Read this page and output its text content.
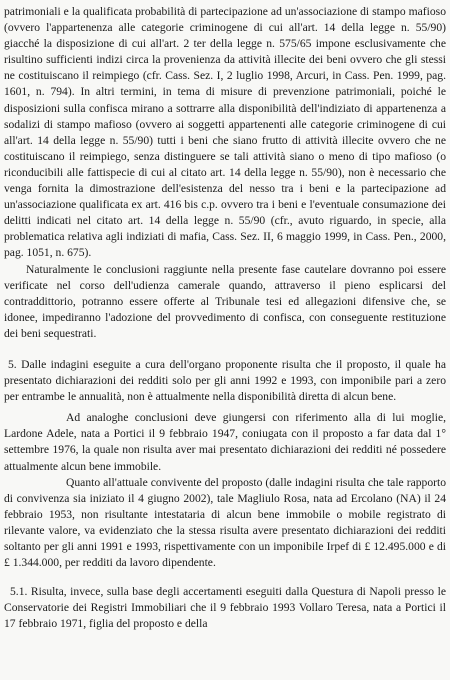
patrimoniali e la qualificata probabilità di partecipazione ad un'associazione di stampo mafioso (ovvero l'appartenenza alle categorie criminogene di cui all'art. 14 della legge n. 55/90) giacché la disposizione di cui all'art. 2 ter della legge n. 575/65 impone esclusivamente che risultino sufficienti indizi circa la provenienza da attività illecite dei beni ovvero che gli stessi ne costituiscano il reimpiego (cfr. Cass. Sez. I, 2 luglio 1998, Arcuri, in Cass. Pen. 1999, pag. 1601, n. 794). In altri termini, in tema di misure di prevenzione patrimoniali, poiché le disposizioni sulla confisca mirano a sottrarre alla disponibilità dell'indiziato di appartenenza a sodalizi di stampo mafioso (ovvero ai soggetti appartenenti alle categorie criminogene di cui all'art. 14 della legge n. 55/90) tutti i beni che siano frutto di attività illecite ovvero che ne costituiscano il reimpiego, senza distinguere se tali attività siano o meno di tipo mafioso (o riconducibili alle fattispecie di cui al citato art. 14 della legge n. 55/90), non è necessario che venga fornita la dimostrazione dell'esistenza del nesso tra i beni e la partecipazione ad un'associazione qualificata ex art. 416 bis c.p. ovvero tra i beni e l'eventuale consumazione dei delitti indicati nel citato art. 14 della legge n. 55/90 (cfr., avuto riguardo, in specie, alla problematica relativa agli indiziati di mafia, Cass. Sez. II, 6 maggio 1999, in Cass. Pen., 2000, pag. 1051, n. 675).

Naturalmente le conclusioni raggiunte nella presente fase cautelare dovranno poi essere verificate nel corso dell'udienza camerale quando, attraverso il pieno esplicarsi del contraddittorio, potranno essere offerte al Tribunale tesi ed allegazioni difensive che, se idonee, impediranno l'adozione del provvedimento di confisca, con conseguente restituzione dei beni sequestrati.

5. Dalle indagini eseguite a cura dell'organo proponente risulta che il proposto, il quale ha presentato dichiarazioni dei redditi solo per gli anni 1992 e 1993, con imponibile pari a zero per entrambe le annualità, non è attualmente nella disponibilità diretta di alcun bene.

Ad analoghe conclusioni deve giungersi con riferimento alla di lui moglie, Lardone Adele, nata a Portici il 9 febbraio 1947, coniugata con il proposto a far data dal 1° settembre 1976, la quale non risulta aver mai presentato dichiarazioni dei redditi né possedere attualmente alcun bene immobile.

Quanto all'attuale convivente del proposto (dalle indagini risulta che tale rapporto di convivenza sia iniziato il 4 giugno 2002), tale Magliulo Rosa, nata ad Ercolano (NA) il 24 febbraio 1953, non risultante intestataria di alcun bene immobile o mobile registrato di rilevante valore, va evidenziato che la stessa risulta avere presentato dichiarazioni dei redditi soltanto per gli anni 1991 e 1993, rispettivamente con un imponibile Irpef di £ 12.495.000 e di £ 1.344.000, per redditi da lavoro dipendente.

5.1. Risulta, invece, sulla base degli accertamenti eseguiti dalla Questura di Napoli presso le Conservatorie dei Registri Immobiliari che il 9 febbraio 1993 Vollaro Teresa, nata a Portici il 17 febbraio 1971, figlia del proposto e della
